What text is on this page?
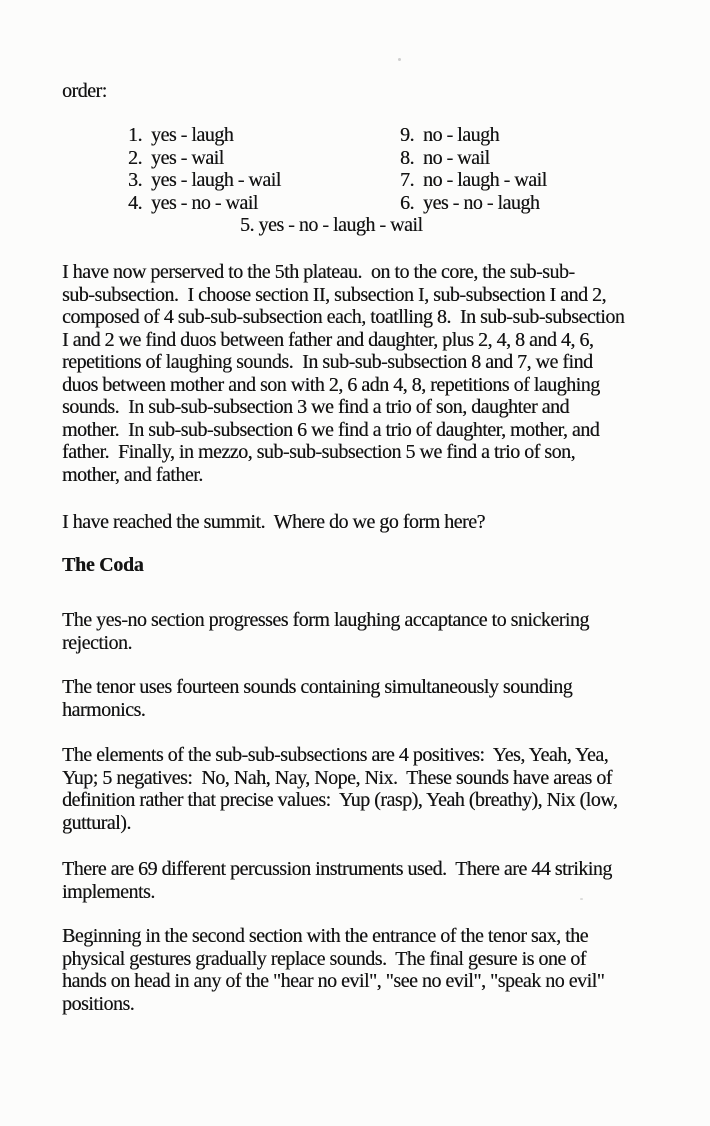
order:
1.  yes - laugh	9.  no - laugh
2.  yes - wail	8.  no - wail
3.  yes - laugh - wail	7.  no - laugh - wail
4.  yes - no - wail	6.  yes - no - laugh
5. yes - no - laugh - wail
I have now perserved to the 5th plateau.  on to the core, the sub-sub-
sub-subsection.  I choose section II, subsection I, sub-subsection I and 2,
composed of 4 sub-sub-subsection each, toatlling 8.  In sub-sub-subsection
I and 2 we find duos between father and daughter, plus 2, 4, 8 and 4, 6,
repetitions of laughing sounds.  In sub-sub-subsection 8 and 7, we find
duos between mother and son with 2, 6 adn 4, 8, repetitions of laughing
sounds.  In sub-sub-subsection 3 we find a trio of son, daughter and
mother.  In sub-sub-subsection 6 we find a trio of daughter, mother, and
father.  Finally, in mezzo, sub-sub-subsection 5 we find a trio of son,
mother, and father.
I have reached the summit.  Where do we go form here?
The Coda
The yes-no section progresses form laughing accaptance to snickering
rejection.
The tenor uses fourteen sounds containing simultaneously sounding
harmonics.
The elements of the sub-sub-subsections are 4 positives:  Yes, Yeah, Yea,
Yup; 5 negatives:  No, Nah, Nay, Nope, Nix.  These sounds have areas of
definition rather that precise values:  Yup (rasp), Yeah (breathy), Nix (low,
guttural).
There are 69 different percussion instruments used.  There are 44 striking
implements.
Beginning in the second section with the entrance of the tenor sax, the
physical gestures gradually replace sounds.  The final gesure is one of
hands on head in any of the "hear no evil", "see no evil", "speak no evil"
positions.
